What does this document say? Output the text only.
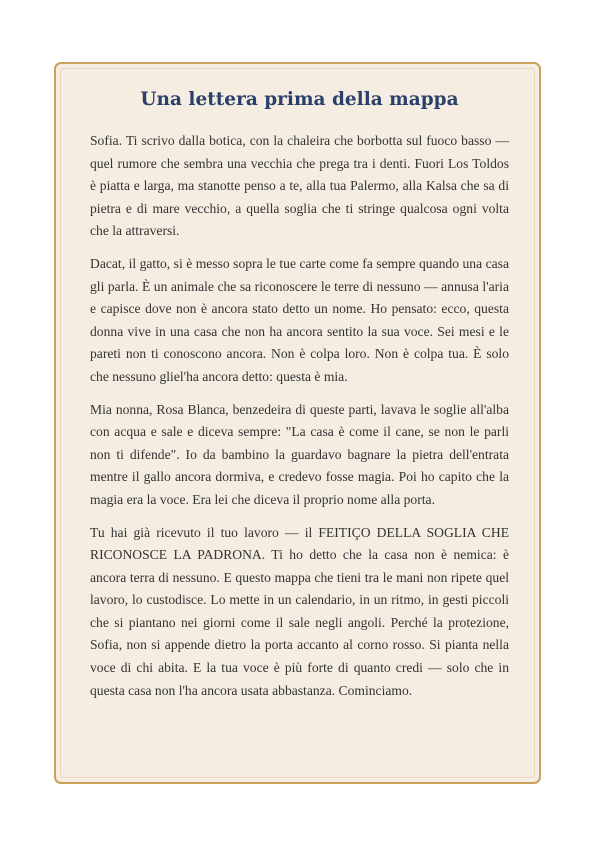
Una lettera prima della mappa

Sofia. Ti scrivo dalla botica, con la chaleira che borbotta sul fuoco basso — quel rumore che sembra una vecchia che prega tra i denti. Fuori Los Toldos è piatta e larga, ma stanotte penso a te, alla tua Palermo, alla Kalsa che sa di pietra e di mare vecchio, a quella soglia che ti stringe qualcosa ogni volta che la attraversi.

Dacat, il gatto, si è messo sopra le tue carte come fa sempre quando una casa gli parla. È un animale che sa riconoscere le terre di nessuno — annusa l'aria e capisce dove non è ancora stato detto un nome. Ho pensato: ecco, questa donna vive in una casa che non ha ancora sentito la sua voce. Sei mesi e le pareti non ti conoscono ancora. Non è colpa loro. Non è colpa tua. È solo che nessuno gliel'ha ancora detto: questa è mia.

Mia nonna, Rosa Blanca, benzedeira di queste parti, lavava le soglie all'alba con acqua e sale e diceva sempre: "La casa è come il cane, se non le parli non ti difende". Io da bambino la guardavo bagnare la pietra dell'entrata mentre il gallo ancora dormiva, e credevo fosse magia. Poi ho capito che la magia era la voce. Era lei che diceva il proprio nome alla porta.

Tu hai già ricevuto il tuo lavoro — il FEITIÇO DELLA SOGLIA CHE RICONOSCE LA PADRONA. Ti ho detto che la casa non è nemica: è ancora terra di nessuno. E questo mappa che tieni tra le mani non ripete quel lavoro, lo custodisce. Lo mette in un calendario, in un ritmo, in gesti piccoli che si piantano nei giorni come il sale negli angoli. Perché la protezione, Sofia, non si appende dietro la porta accanto al corno rosso. Si pianta nella voce di chi abita. E la tua voce è più forte di quanto credi — solo che in questa casa non l'ha ancora usata abbastanza. Cominciamo.
